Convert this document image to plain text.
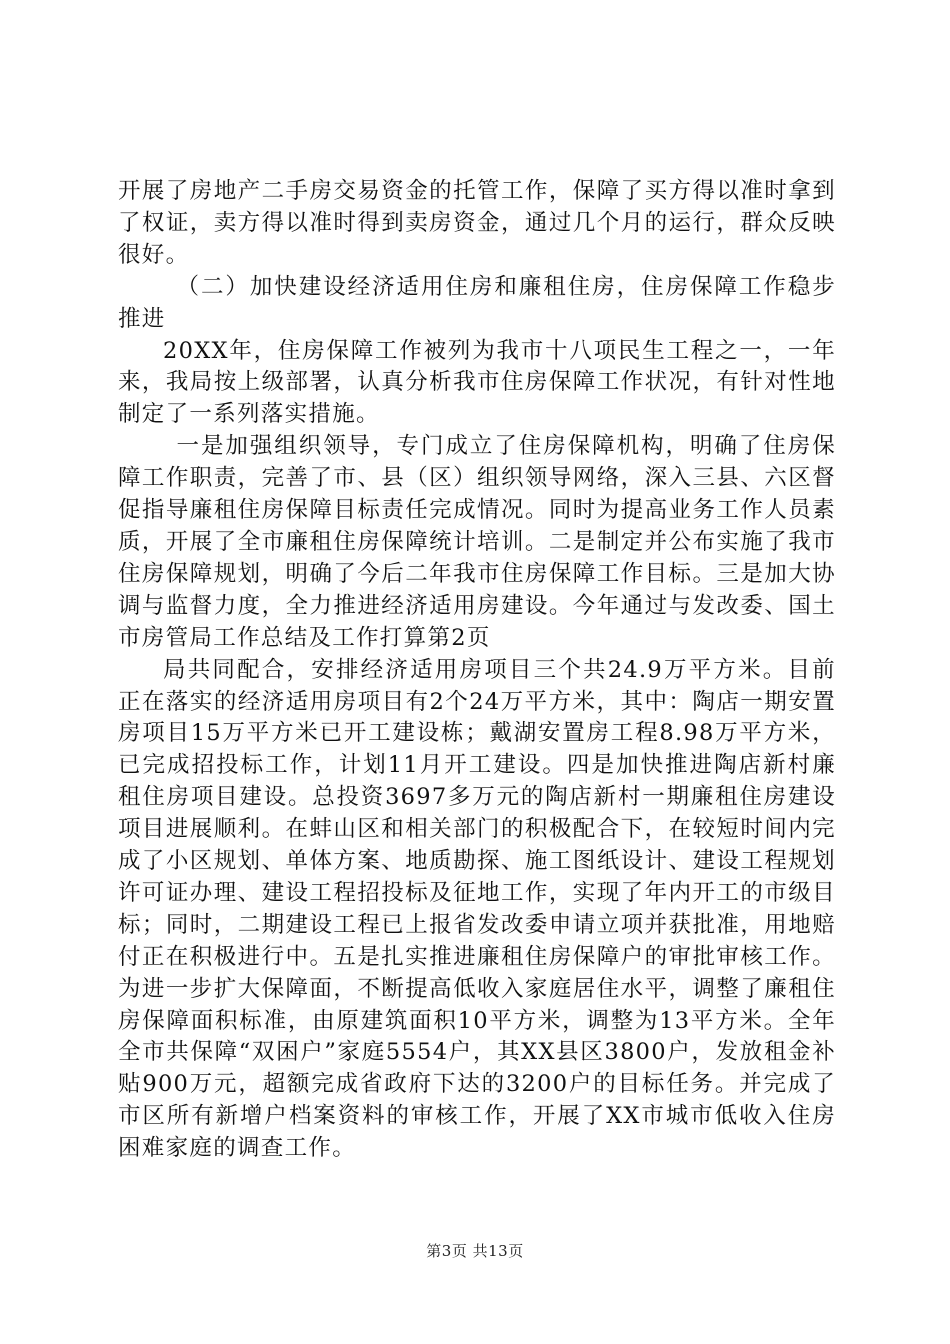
开展了房地产二手房交易资金的托管工作，保障了买方得以准时拿到了权证，卖方得以准时得到卖房资金，通过几个月的运行，群众反映很好。

（二）加快建设经济适用住房和廉租住房，住房保障工作稳步推进

20XX年，住房保障工作被列为我市十八项民生工程之一，一年来，我局按上级部署，认真分析我市住房保障工作状况，有针对性地制定了一系列落实措施。

一是加强组织领导，专门成立了住房保障机构，明确了住房保障工作职责，完善了市、县（区）组织领导网络，深入三县、六区督促指导廉租住房保障目标责任完成情况。同时为提高业务工作人员素质，开展了全市廉租住房保障统计培训。二是制定并公布实施了我市住房保障规划，明确了今后二年我市住房保障工作目标。三是加大协调与监督力度，全力推进经济适用房建设。今年通过与发改委、国土市房管局工作总结及工作打算第2页

局共同配合，安排经济适用房项目三个共24.9万平方米。目前正在落实的经济适用房项目有2个24万平方米，其中：陶店一期安置房项目15万平方米已开工建设栋；戴湖安置房工程8.98万平方米，已完成招投标工作，计划11月开工建设。四是加快推进陶店新村廉租住房项目建设。总投资3697多万元的陶店新村一期廉租住房建设项目进展顺利。在蚌山区和相关部门的积极配合下，在较短时间内完成了小区规划、单体方案、地质勘探、施工图纸设计、建设工程规划许可证办理、建设工程招投标及征地工作，实现了年内开工的市级目标；同时，二期建设工程已上报省发改委申请立项并获批准，用地赔付正在积极进行中。五是扎实推进廉租住房保障户的审批审核工作。为进一步扩大保障面，不断提高低收入家庭居住水平，调整了廉租住房保障面积标准，由原建筑面积10平方米，调整为13平方米。全年全市共保障“双困户”家庭5554户，其XX县区3800户，发放租金补贴900万元，超额完成省政府下达的3200户的目标任务。并完成了市区所有新增户档案资料的审核工作，开展了XX市城市低收入住房困难家庭的调查工作。

第3页 共13页
